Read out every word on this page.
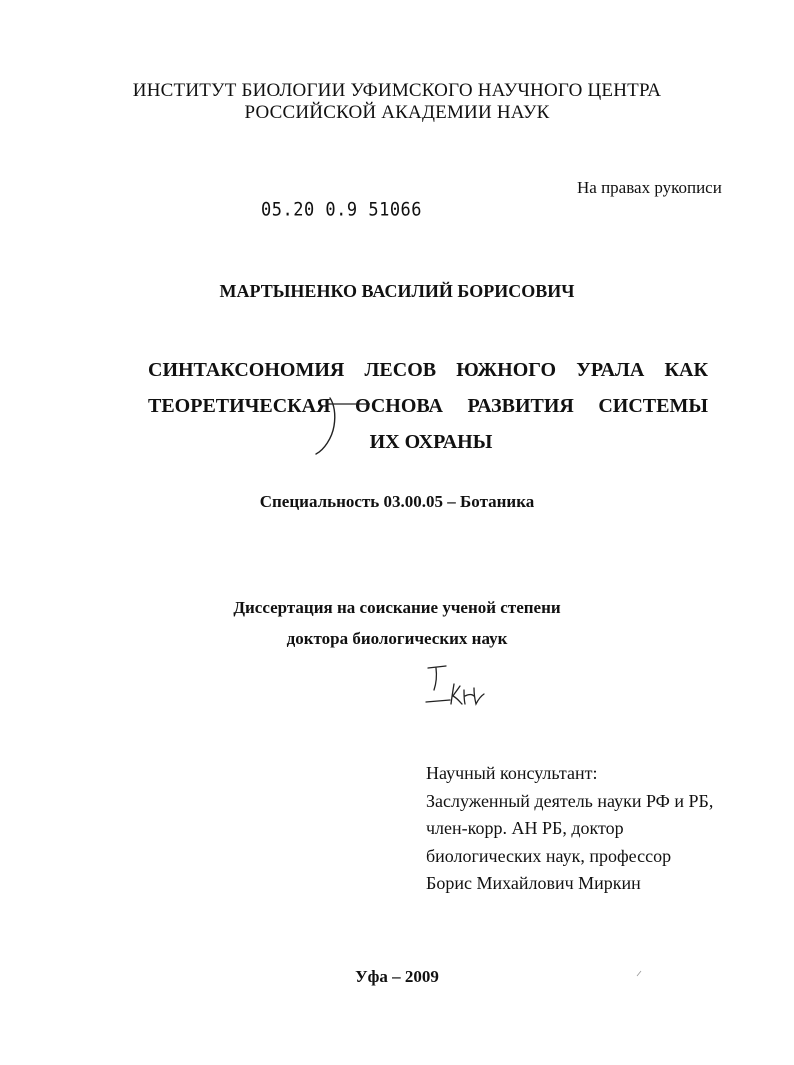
ИНСТИТУТ БИОЛОГИИ УФИМСКОГО НАУЧНОГО ЦЕНТРА
РОССИЙСКОЙ АКАДЕМИИ НАУК
На правах рукописи
05.20 0.9 51066
МАРТЫНЕНКО ВАСИЛИЙ БОРИСОВИЧ
СИНТАКСОНОМИЯ ЛЕСОВ ЮЖНОГО УРАЛА КАК
ТЕОРЕТИЧЕСКАЯ ОСНОВА РАЗВИТИЯ СИСТЕМЫ
ИХ ОХРАНЫ
Специальность 03.00.05 – Ботаника
Диссертация на соискание ученой степени
доктора биологических наук
Научный консультант:
Заслуженный деятель науки РФ и РБ,
член-корр. АН РБ, доктор
биологических наук, профессор
Борис Михайлович Миркин
Уфа – 2009
